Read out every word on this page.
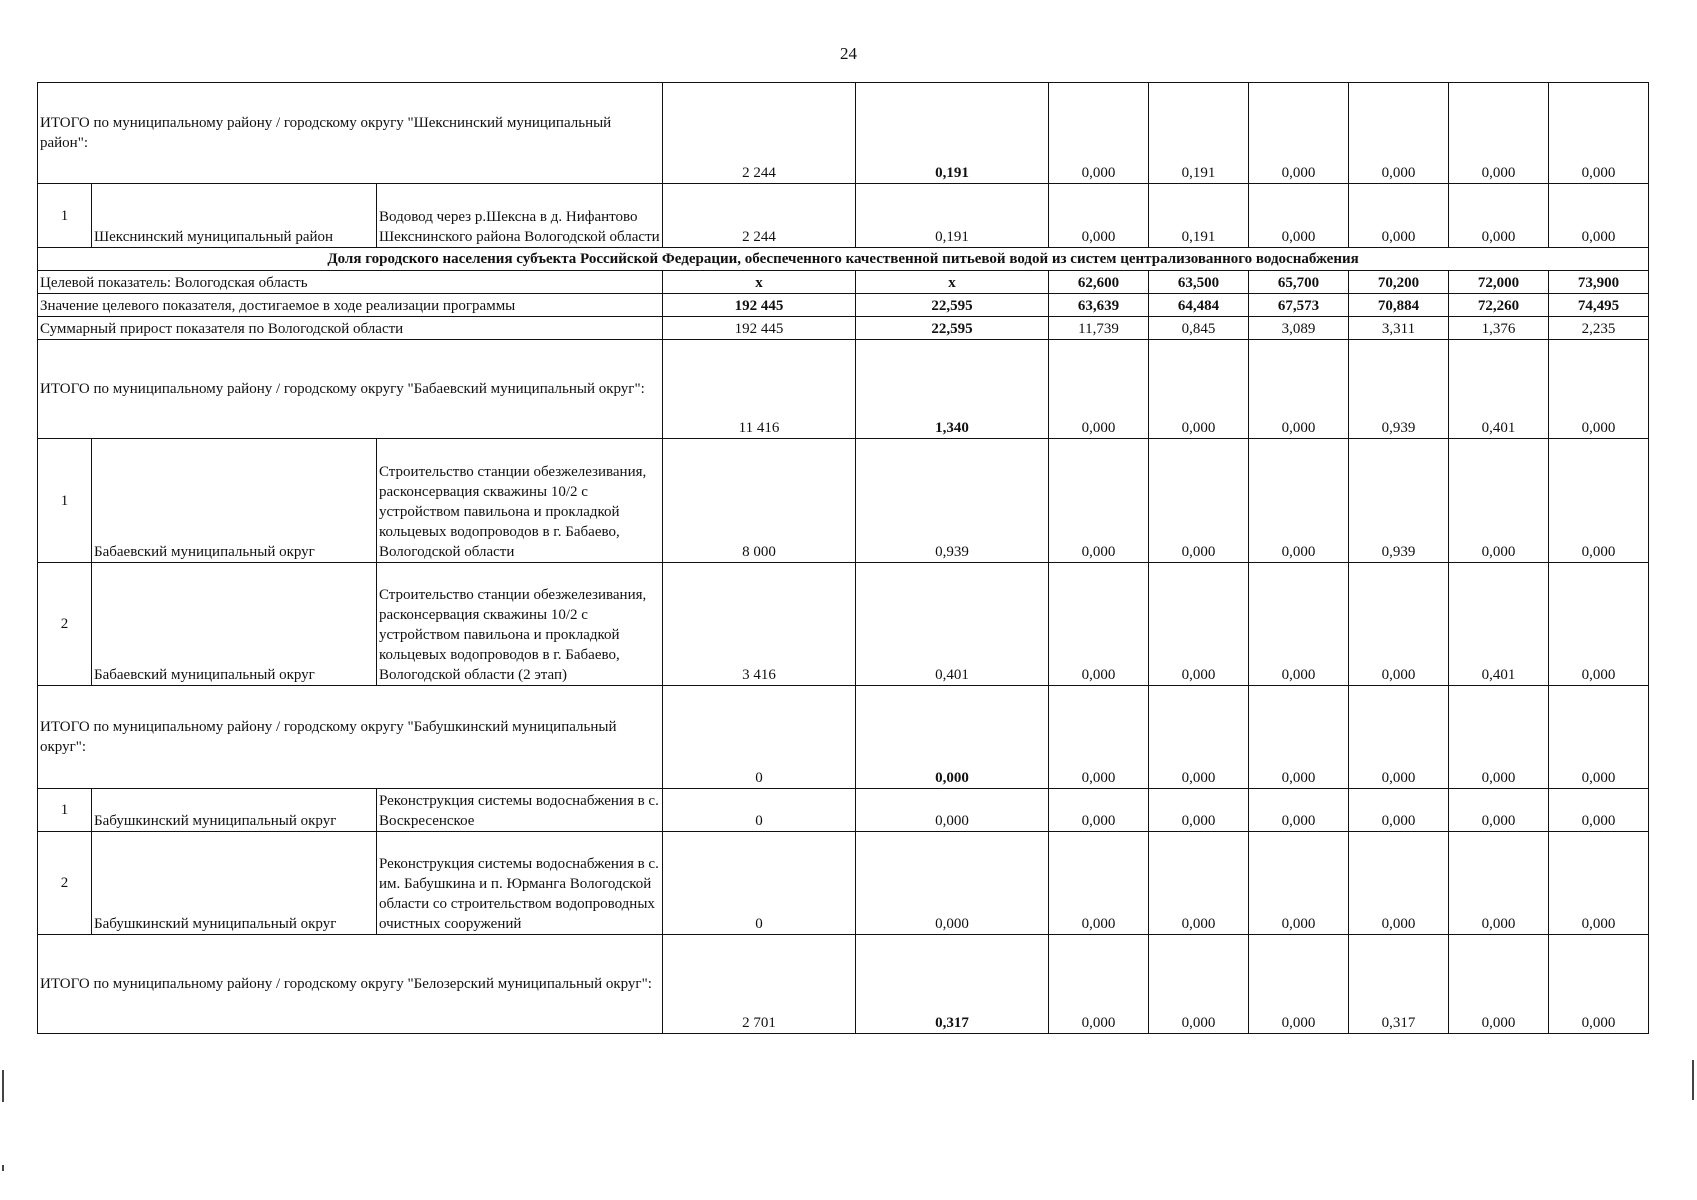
24
ИТОГО по муниципальному району / городскому округу "Шекснинский муниципальный район":			2 244	0,191	0,000	0,191	0,000	0,000	0,000	0,000
1	Шекснинский муниципальный район	Водовод через р.Шексна в д. Нифантово Шекснинского района Вологодской области	2 244	0,191	0,000	0,191	0,000	0,000	0,000	0,000
Доля городского населения субъекта Российской Федерации, обеспеченного качественной питьевой водой из систем централизованного водоснабжения										
Целевой показатель: Вологодская область			x	x	62,600	63,500	65,700	70,200	72,000	73,900
Значение целевого показателя, достигаемое в ходе реализации программы			192 445	22,595	63,639	64,484	67,573	70,884	72,260	74,495
Суммарный прирост показателя по Вологодской области			192 445	22,595	11,739	0,845	3,089	3,311	1,376	2,235
ИТОГО по муниципальному району / городскому округу "Бабаевский муниципальный округ":			11 416	1,340	0,000	0,000	0,000	0,939	0,401	0,000
1	Бабаевский муниципальный округ	Строительство станции обезжелезивания, расконсервация скважины 10/2 с устройством павильона и прокладкой кольцевых водопроводов в г. Бабаево, Вологодской области	8 000	0,939	0,000	0,000	0,000	0,939	0,000	0,000
2	Бабаевский муниципальный округ	Строительство станции обезжелезивания, расконсервация скважины 10/2 с устройством павильона и прокладкой кольцевых водопроводов в г. Бабаево, Вологодской области (2 этап)	3 416	0,401	0,000	0,000	0,000	0,000	0,401	0,000
ИТОГО по муниципальному району / городскому округу "Бабушкинский муниципальный округ":			0	0,000	0,000	0,000	0,000	0,000	0,000	0,000
1	Бабушкинский муниципальный округ	Реконструкция системы водоснабжения в с. Воскресенское	0	0,000	0,000	0,000	0,000	0,000	0,000	0,000
2	Бабушкинский муниципальный округ	Реконструкция системы водоснабжения в с. им. Бабушкина и п. Юрманга Вологодской области со строительством водопроводных очистных сооружений	0	0,000	0,000	0,000	0,000	0,000	0,000	0,000
ИТОГО по муниципальному району / городскому округу "Белозерский муниципальный округ":			2 701	0,317	0,000	0,000	0,000	0,317	0,000	0,000
